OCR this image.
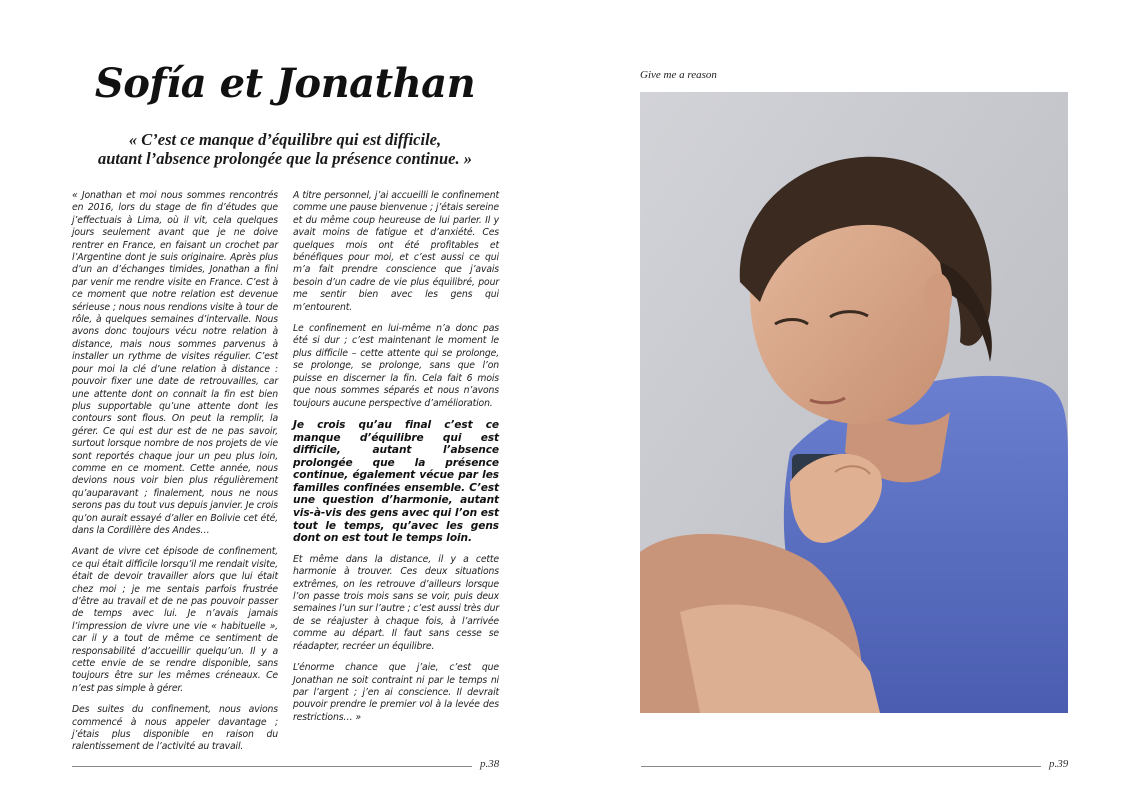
Sofía et Jonathan
« C’est ce manque d’équilibre qui est difficile,
autant l’absence prolongée que la présence continue. »

« Jonathan et moi nous sommes rencontrés en 2016, lors du stage de fin d’études que j’effectuais à Lima, où il vit, cela quelques jours seulement avant que je ne doive rentrer en France, en faisant un crochet par l’Argentine dont je suis originaire. Après plus d’un an d’échanges timides, Jonathan a fini par venir me rendre visite en France. C’est à ce moment que notre relation est devenue sérieuse ; nous nous rendions visite à tour de rôle, à quelques semaines d’intervalle. Nous avons donc toujours vécu notre relation à distance, mais nous sommes parvenus à installer un rythme de visites régulier. C’est pour moi la clé d’une relation à distance : pouvoir fixer une date de retrouvailles, car une attente dont on connait la fin est bien plus supportable qu’une attente dont les contours sont flous. On peut la remplir, la gérer. Ce qui est dur est de ne pas savoir, surtout lorsque nombre de nos projets de vie sont reportés chaque jour un peu plus loin, comme en ce moment. Cette année, nous devions nous voir bien plus régulièrement qu’auparavant ; finalement, nous ne nous serons pas du tout vus depuis janvier. Je crois qu’on aurait essayé d’aller en Bolivie cet été, dans la Cordillère des Andes…

Avant de vivre cet épisode de confinement, ce qui était difficile lorsqu’il me rendait visite, était de devoir travailler alors que lui était chez moi ; je me sentais parfois frustrée d’être au travail et de ne pas pouvoir passer de temps avec lui. Je n’avais jamais l’impression de vivre une vie « habituelle », car il y a tout de même ce sentiment de responsabilité d’accueillir quelqu’un. Il y a cette envie de se rendre disponible, sans toujours être sur les mêmes créneaux. Ce n’est pas simple à gérer.

Des suites du confinement, nous avions commencé à nous appeler davantage ; j’étais plus disponible en raison du ralentissement de l’activité au travail.

A titre personnel, j’ai accueilli le confinement comme une pause bienvenue ; j’étais sereine et du même coup heureuse de lui parler. Il y avait moins de fatigue et d’anxiété. Ces quelques mois ont été profitables et bénéfiques pour moi, et c’est aussi ce qui m’a fait prendre conscience que j’avais besoin d’un cadre de vie plus équilibré, pour me sentir bien avec les gens qui m’entourent.

Le confinement en lui-même n’a donc pas été si dur ; c’est maintenant le moment le plus difficile – cette attente qui se prolonge, se prolonge, se prolonge, sans que l’on puisse en discerner la fin. Cela fait 6 mois que nous sommes séparés et nous n’avons toujours aucune perspective d’amélioration.

Je crois qu’au final c’est ce manque d’équilibre qui est difficile, autant l’absence prolongée que la présence continue, également vécue par les familles confinées ensemble. C’est une question d’harmonie, autant vis-à-vis des gens avec qui l’on est tout le temps, qu’avec les gens dont on est tout le temps loin.

Et même dans la distance, il y a cette harmonie à trouver. Ces deux situations extrêmes, on les retrouve d’ailleurs lorsque l’on passe trois mois sans se voir, puis deux semaines l’un sur l’autre ; c’est aussi très dur de se réajuster à chaque fois, à l’arrivée comme au départ. Il faut sans cesse se réadapter, recréer un équilibre.

L’énorme chance que j’aie, c’est que Jonathan ne soit contraint ni par le temps ni par l’argent ; j’en ai conscience. Il devrait pouvoir prendre le premier vol à la levée des restrictions… »

p.38
Give me a reason
p.39
